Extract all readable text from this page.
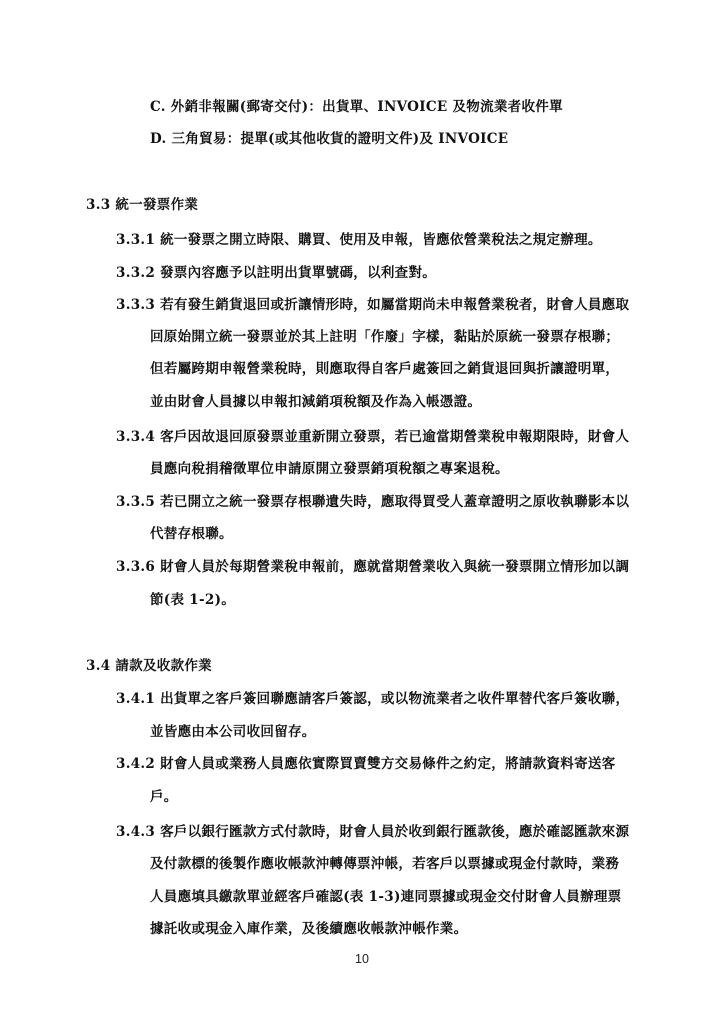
C. 外銷非報關(郵寄交付)：出貨單、INVOICE 及物流業者收件單
D. 三角貿易：提單(或其他收貨的證明文件)及 INVOICE
3.3 統一發票作業
3.3.1 統一發票之開立時限、購買、使用及申報，皆應依營業稅法之規定辦理。
3.3.2 發票內容應予以註明出貨單號碼，以利查對。
3.3.3 若有發生銷貨退回或折讓情形時，如屬當期尚未申報營業稅者，財會人員應取
回原始開立統一發票並於其上註明「作廢」字樣，黏貼於原統一發票存根聯；
但若屬跨期申報營業稅時，則應取得自客戶處簽回之銷貨退回與折讓證明單，
並由財會人員據以申報扣減銷項稅額及作為入帳憑證。
3.3.4 客戶因故退回原發票並重新開立發票，若已逾當期營業稅申報期限時，財會人
員應向稅捐稽徵單位申請原開立發票銷項稅額之專案退稅。
3.3.5 若已開立之統一發票存根聯遺失時，應取得買受人蓋章證明之原收執聯影本以
代替存根聯。
3.3.6 財會人員於每期營業稅申報前，應就當期營業收入與統一發票開立情形加以調
節(表 1-2)。
3.4 請款及收款作業
3.4.1 出貨單之客戶簽回聯應請客戶簽認，或以物流業者之收件單替代客戶簽收聯，
並皆應由本公司收回留存。
3.4.2 財會人員或業務人員應依實際買賣雙方交易條件之約定，將請款資料寄送客
戶。
3.4.3 客戶以銀行匯款方式付款時，財會人員於收到銀行匯款後，應於確認匯款來源
及付款標的後製作應收帳款沖轉傳票沖帳，若客戶以票據或現金付款時，業務
人員應填具繳款單並經客戶確認(表 1-3)連同票據或現金交付財會人員辦理票
據託收或現金入庫作業，及後續應收帳款沖帳作業。
10
